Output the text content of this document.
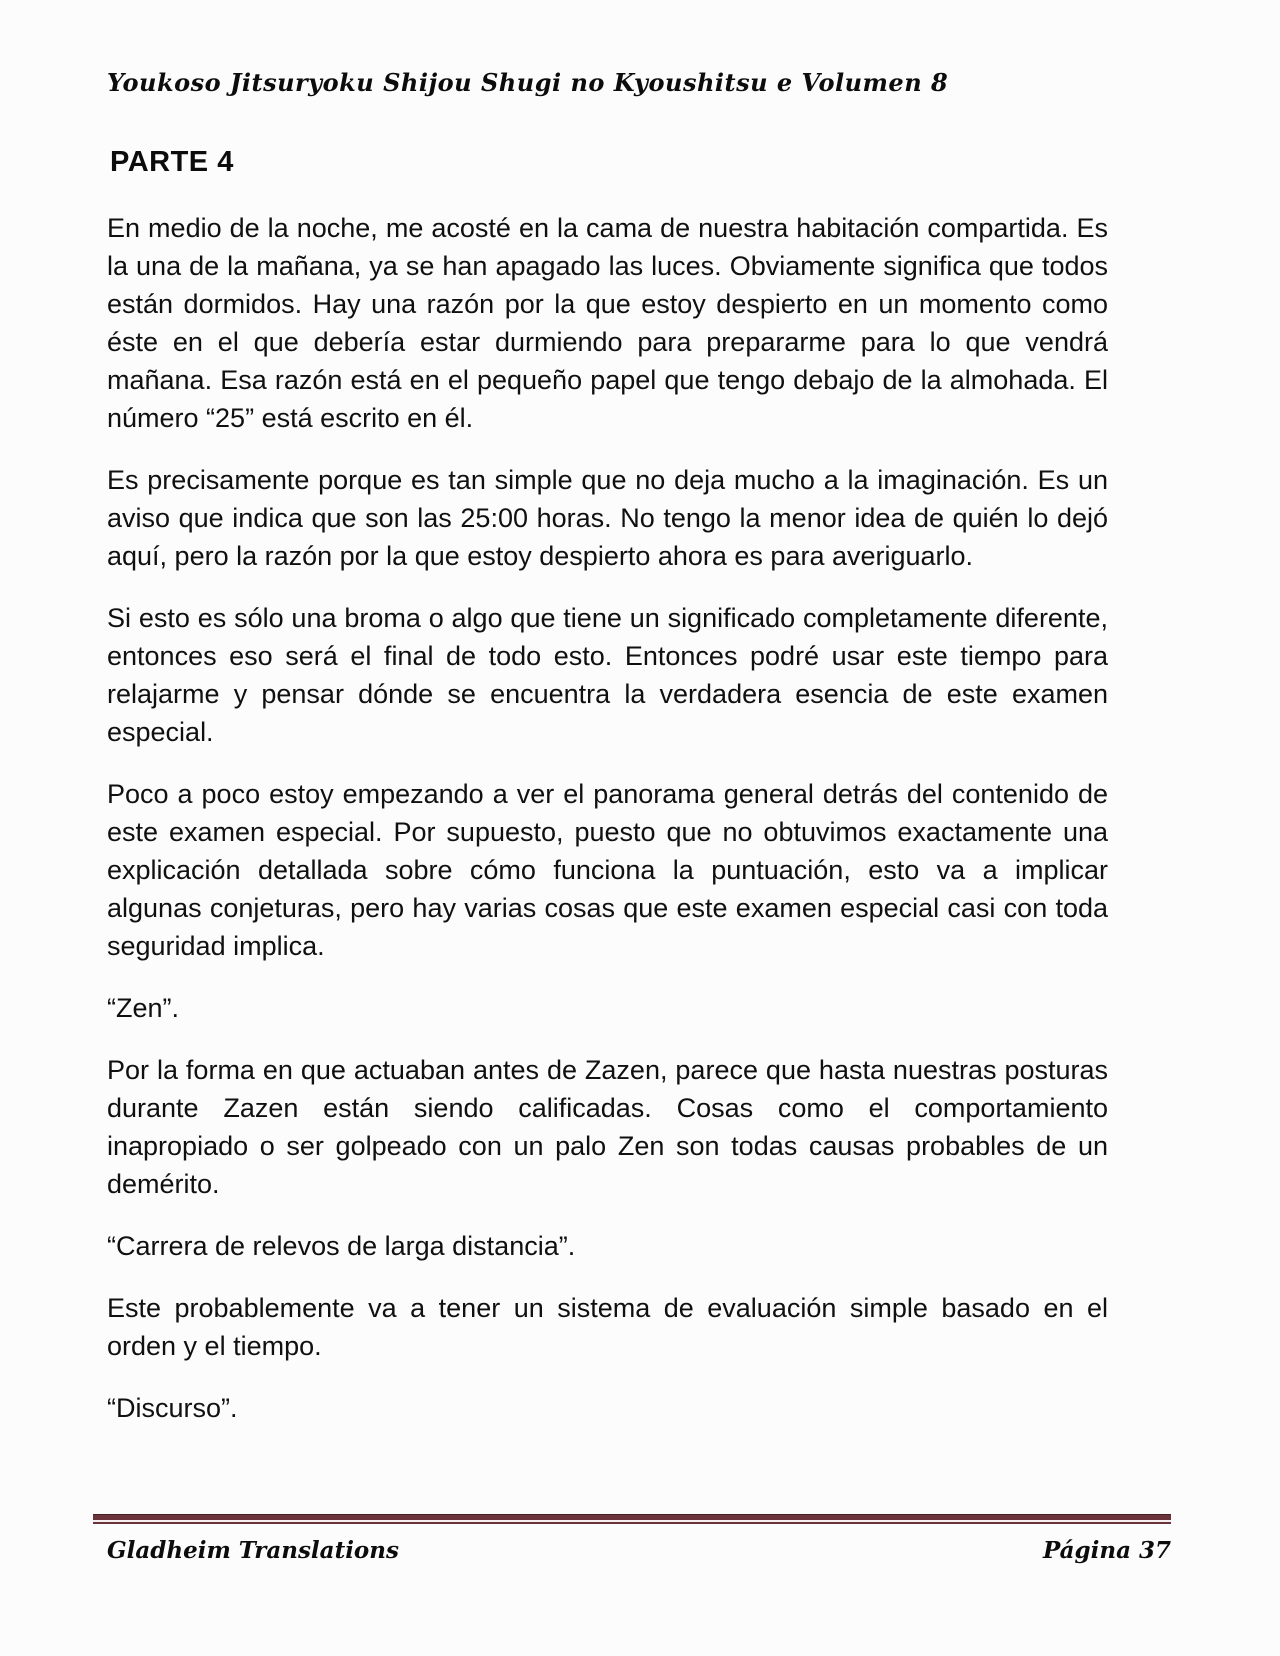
Youkoso Jitsuryoku Shijou Shugi no Kyoushitsu e Volumen 8
PARTE 4

En medio de la noche, me acosté en la cama de nuestra habitación compartida. Es la una de la mañana, ya se han apagado las luces. Obviamente significa que todos están dormidos. Hay una razón por la que estoy despierto en un momento como éste en el que debería estar durmiendo para prepararme para lo que vendrá mañana. Esa razón está en el pequeño papel que tengo debajo de la almohada. El número “25” está escrito en él.

Es precisamente porque es tan simple que no deja mucho a la imaginación. Es un aviso que indica que son las 25:00 horas. No tengo la menor idea de quién lo dejó aquí, pero la razón por la que estoy despierto ahora es para averiguarlo.

Si esto es sólo una broma o algo que tiene un significado completamente diferente, entonces eso será el final de todo esto. Entonces podré usar este tiempo para relajarme y pensar dónde se encuentra la verdadera esencia de este examen especial.

Poco a poco estoy empezando a ver el panorama general detrás del contenido de este examen especial. Por supuesto, puesto que no obtuvimos exactamente una explicación detallada sobre cómo funciona la puntuación, esto va a implicar algunas conjeturas, pero hay varias cosas que este examen especial casi con toda seguridad implica.

“Zen”.

Por la forma en que actuaban antes de Zazen, parece que hasta nuestras posturas durante Zazen están siendo calificadas. Cosas como el comportamiento inapropiado o ser golpeado con un palo Zen son todas causas probables de un demérito.

“Carrera de relevos de larga distancia”.

Este probablemente va a tener un sistema de evaluación simple basado en el orden y el tiempo.

“Discurso”.

Gladheim Translations	Página 37
